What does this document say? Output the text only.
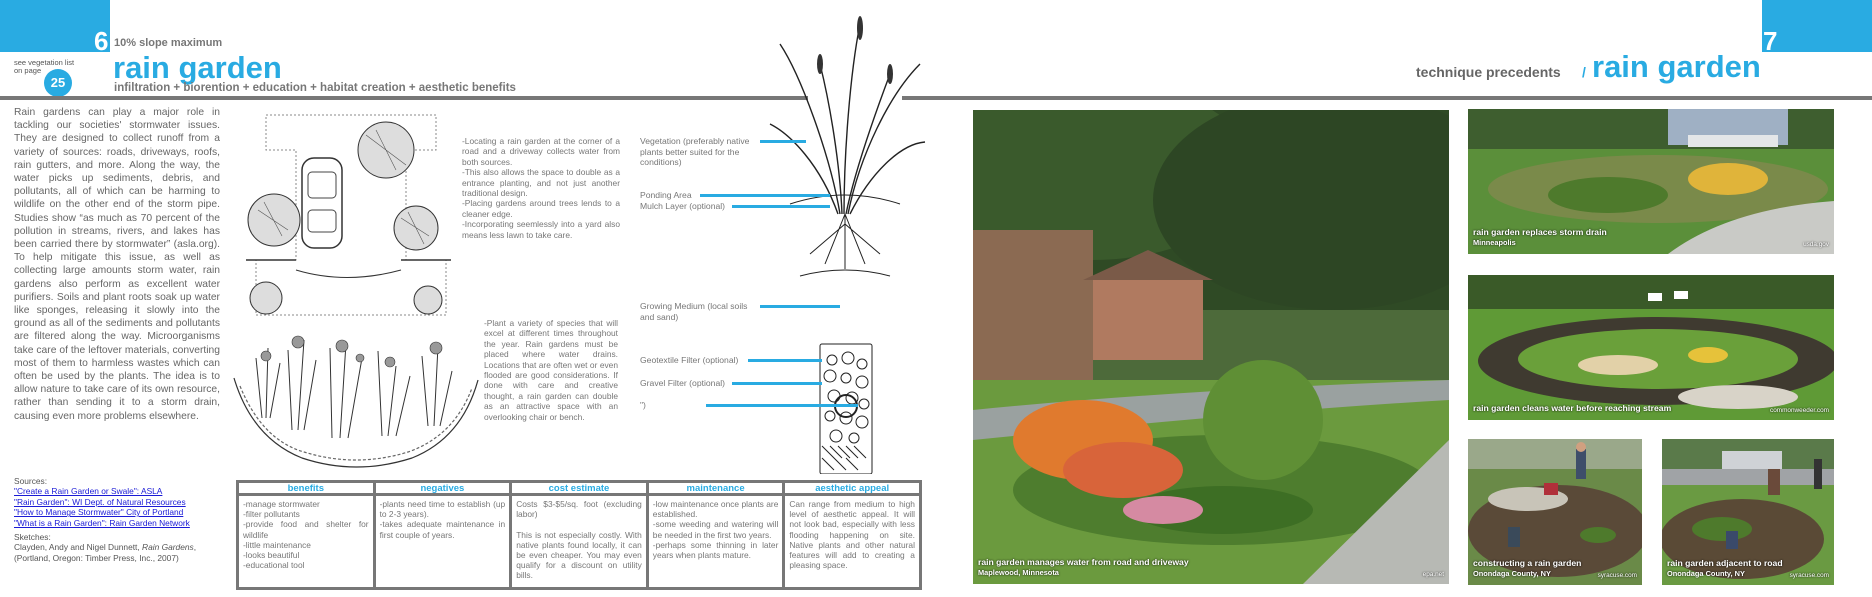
6 10% slope maximum
rain garden
infiltration + biorention + education + habitat creation + aesthetic benefits
see vegetation list on page
25
7
technique precedents / rain garden
Rain gardens can play a major role in tackling our societies' stormwater issues. They are designed to collect runoff from a variety of sources: roads, driveways, roofs, rain gutters, and more. Along the way, the water picks up sediments, debris, and pollutants, all of which can be harming to wildlife on the other end of the storm pipe. Studies show “as much as 70 percent of the pollution in streams, rivers, and lakes has been carried there by stormwater” (asla.org). To help mitigate this issue, as well as collecting large amounts storm water, rain gardens also perform as excellent water purifiers. Soils and plant roots soak up water like sponges, releasing it slowly into the ground as all of the sediments and pollutants are filtered along the way. Microorganisms take care of the leftover materials, converting most of them to harmless wastes which can often be used by the plants. The idea is to allow nature to take care of its own resource, rather than sending it to a storm drain, causing even more problems elsewhere.
-Locating a rain garden at the corner of a road and a driveway collects water from both sources.
-This also allows the space to double as a entrance planting, and not just another traditional design.
-Placing gardens around trees lends to a cleaner edge.
-Incorporating seemlessly into a yard also means less lawn to take care.
-Plant a variety of species that will excel at different times throughout the year. Rain gardens must be placed where water drains. Locations that are often wet or even flooded are good considerations. If done with care and creative thought, a rain garden can double as an attractive space with an overlooking chair or bench.
Vegetation (preferably native plants better suited for the conditions)
Ponding Area
Mulch Layer (optional)
Growing Medium (local soils and sand)
Geotextile Filter (optional)
Gravel Filter (optional)
")
Sources:
"Create a Rain Garden or Swale": ASLA
"Rain Garden": WI Dept. of Natural Resources
"How to Manage Stormwater" City of Portland
"What is a Rain Garden": Rain Garden Network
Sketches:
Clayden, Andy and Nigel Dunnett, Rain Gardens,
(Portland, Oregon: Timber Press, Inc., 2007)
benefits
-manage stormwater
-filter pollutants
-provide food and shelter for wildlife
-little maintenance
-looks beautiful
-educational tool
negatives
-plants need time to establish (up to 2-3 years).
-takes adequate maintenance in first couple of years.
cost estimate
Costs $3-$5/sq. foot (excluding labor)

This is not especially costly. With native plants found locally, it can be even cheaper. You may even qualify for a discount on utility bills.
maintenance
-low maintenance once plants are established.
-some weeding and watering will be needed in the first two years.
-perhaps some thinning in later years when plants mature.
aesthetic appeal
Can range from medium to high level of aesthetic appeal. It will not look bad, especially with less flooding happening on site. Native plants and other natural features will add to creating a pleasing space.	rain garden manages water from road and driveway
Maplewood, Minnesota	epa.net
rain garden replaces storm drain
Minneapolis	usda.gov
rain garden cleans water before reaching stream	commonweeder.com
constructing a rain garden
Onondaga County, NY	syracuse.com
rain garden adjacent to road
Onondaga County, NY	syracuse.com
